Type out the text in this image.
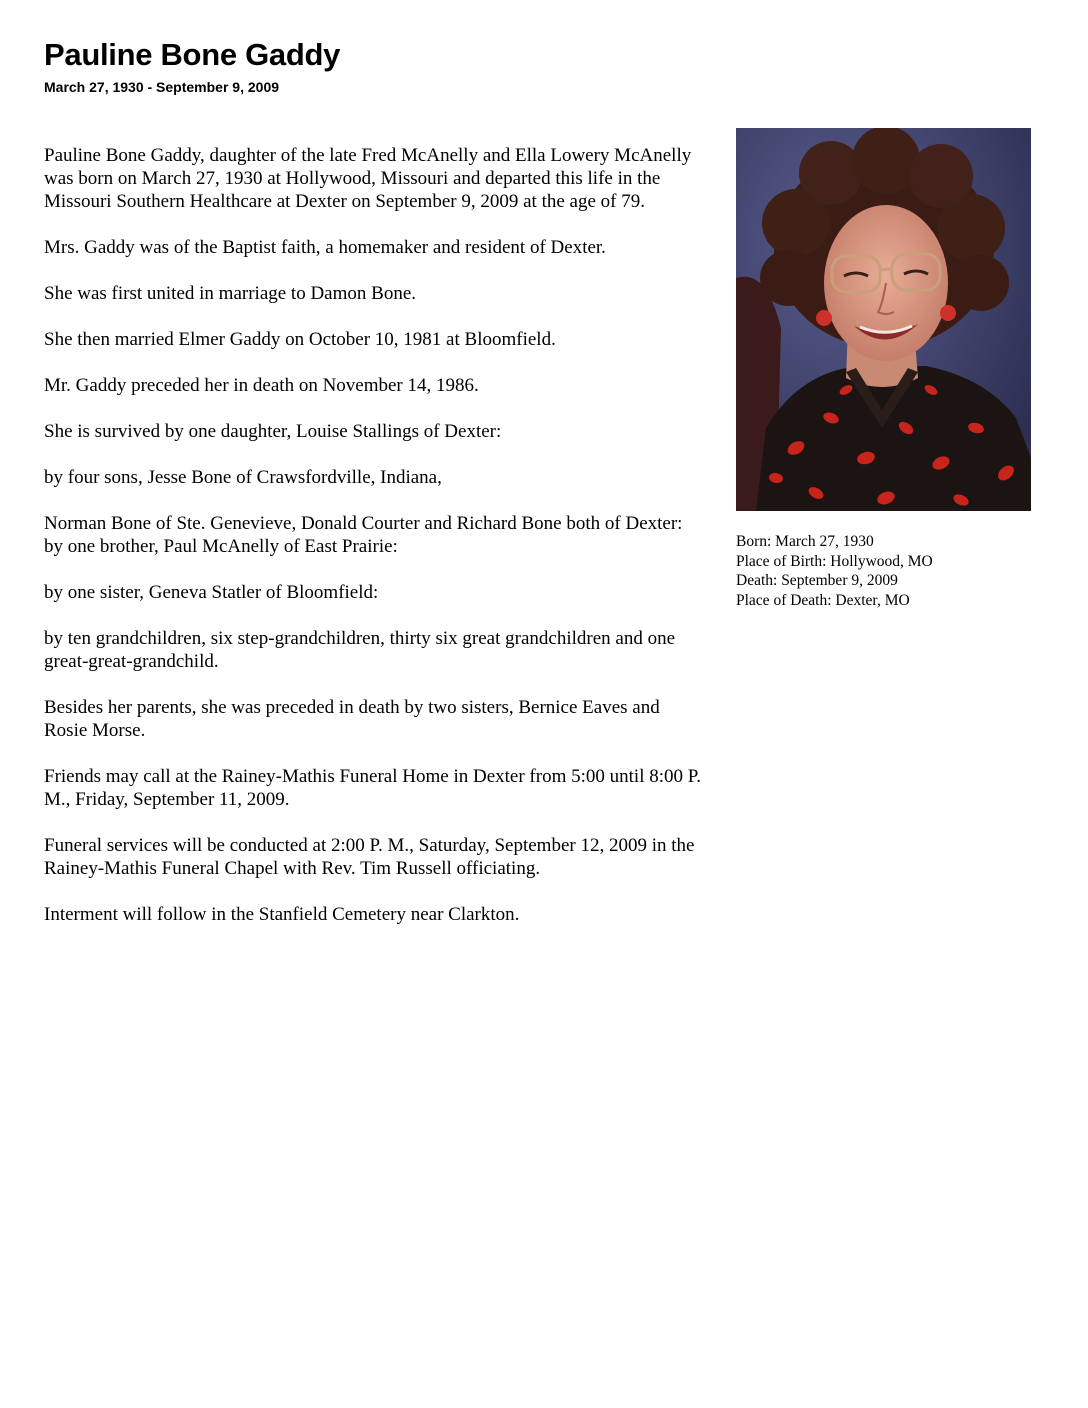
Pauline Bone Gaddy
March 27, 1930 - September 9, 2009

Pauline Bone Gaddy, daughter of the late Fred McAnelly and Ella Lowery McAnelly was born on March 27, 1930 at Hollywood, Missouri and departed this life in the Missouri Southern Healthcare at Dexter on September 9, 2009 at the age of 79.

Mrs. Gaddy was of the Baptist faith, a homemaker and resident of Dexter.

She was first united in marriage to Damon Bone.

She then married Elmer Gaddy on October 10, 1981 at Bloomfield.

Mr. Gaddy preceded her in death on November 14, 1986.

She is survived by one daughter, Louise Stallings of Dexter:

by four sons, Jesse Bone of Crawsfordville, Indiana,

Norman Bone of Ste. Genevieve, Donald Courter and Richard Bone both of Dexter: by one brother, Paul McAnelly of East Prairie:

by one sister, Geneva Statler of Bloomfield:

by ten grandchildren, six step-grandchildren, thirty six great grandchildren and one great-great-grandchild.

Besides her parents, she was preceded in death by two sisters, Bernice Eaves and Rosie Morse.

Friends may call at the Rainey-Mathis Funeral Home in Dexter from 5:00 until 8:00 P. M., Friday, September 11, 2009.

Funeral services will be conducted at 2:00 P. M., Saturday, September 12, 2009 in the Rainey-Mathis Funeral Chapel with Rev. Tim Russell officiating.

Interment will follow in the Stanfield Cemetery near Clarkton.

Born: March 27, 1930
Place of Birth: Hollywood, MO
Death: September 9, 2009
Place of Death: Dexter, MO
